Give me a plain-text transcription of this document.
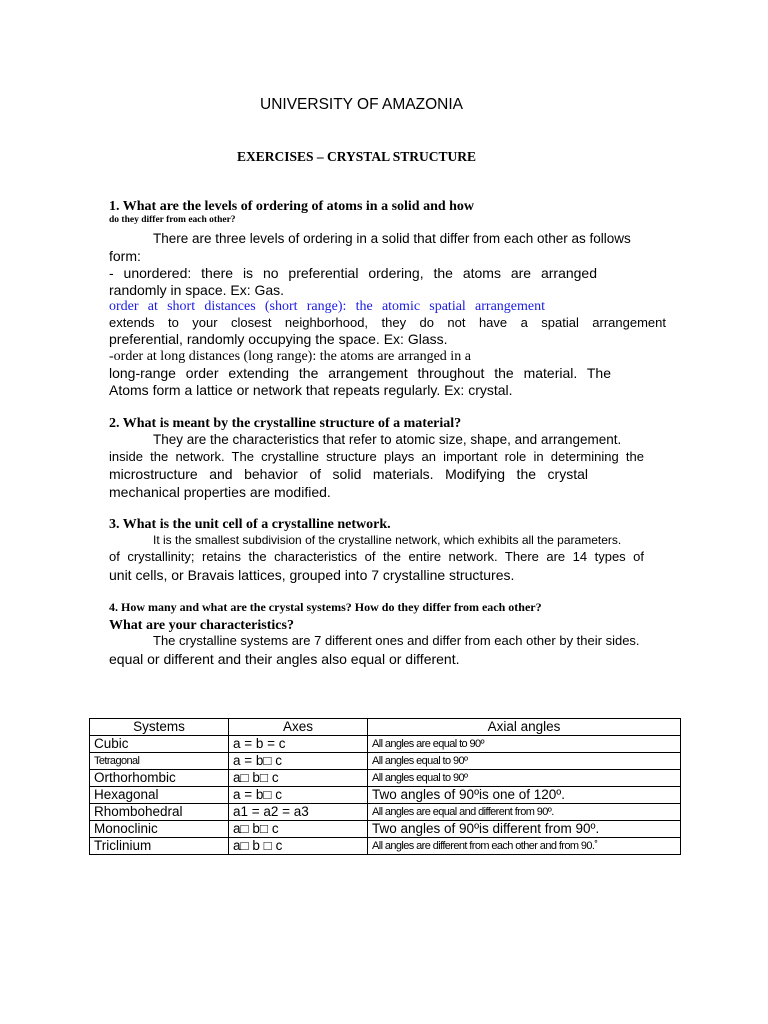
UNIVERSITY OF AMAZONIA
EXERCISES – CRYSTAL STRUCTURE
1. What are the levels of ordering of atoms in a solid and how
do they differ from each other?
There are three levels of ordering in a solid that differ from each other as follows
form:
- unordered: there is no preferential ordering, the atoms are arranged
randomly in space. Ex: Gas.
order at short distances (short range): the atomic spatial arrangement
extends to your closest neighborhood, they do not have a spatial arrangement
preferential, randomly occupying the space. Ex: Glass.
-order at long distances (long range): the atoms are arranged in a
long-range order extending the arrangement throughout the material. The
Atoms form a lattice or network that repeats regularly. Ex: crystal.
2. What is meant by the crystalline structure of a material?
They are the characteristics that refer to atomic size, shape, and arrangement.
inside the network. The crystalline structure plays an important role in determining the
microstructure and behavior of solid materials. Modifying the crystal
mechanical properties are modified.
3. What is the unit cell of a crystalline network.
It is the smallest subdivision of the crystalline network, which exhibits all the parameters.
of crystallinity; retains the characteristics of the entire network. There are 14 types of
unit cells, or Bravais lattices, grouped into 7 crystalline structures.
4. How many and what are the crystal systems? How do they differ from each other?
What are your characteristics?
The crystalline systems are 7 different ones and differ from each other by their sides.
equal or different and their angles also equal or different.
Systems	Axes	Axial angles
Cubic	a = b = c	All angles are equal to 90º
Tetragonal	a = b□ c	All angles equal to 90º
Orthorhombic	a□ b□ c	All angles equal to 90º
Hexagonal	a = b□ c	Two angles of 90ºis one of 120º.
Rhombohedral	a1 = a2 = a3	All angles are equal and different from 90º.
Monoclinic	a□ b□ c	Two angles of 90ºis different from 90º.
Triclinium	a□ b □ c	All angles are different from each other and from 90.˚
